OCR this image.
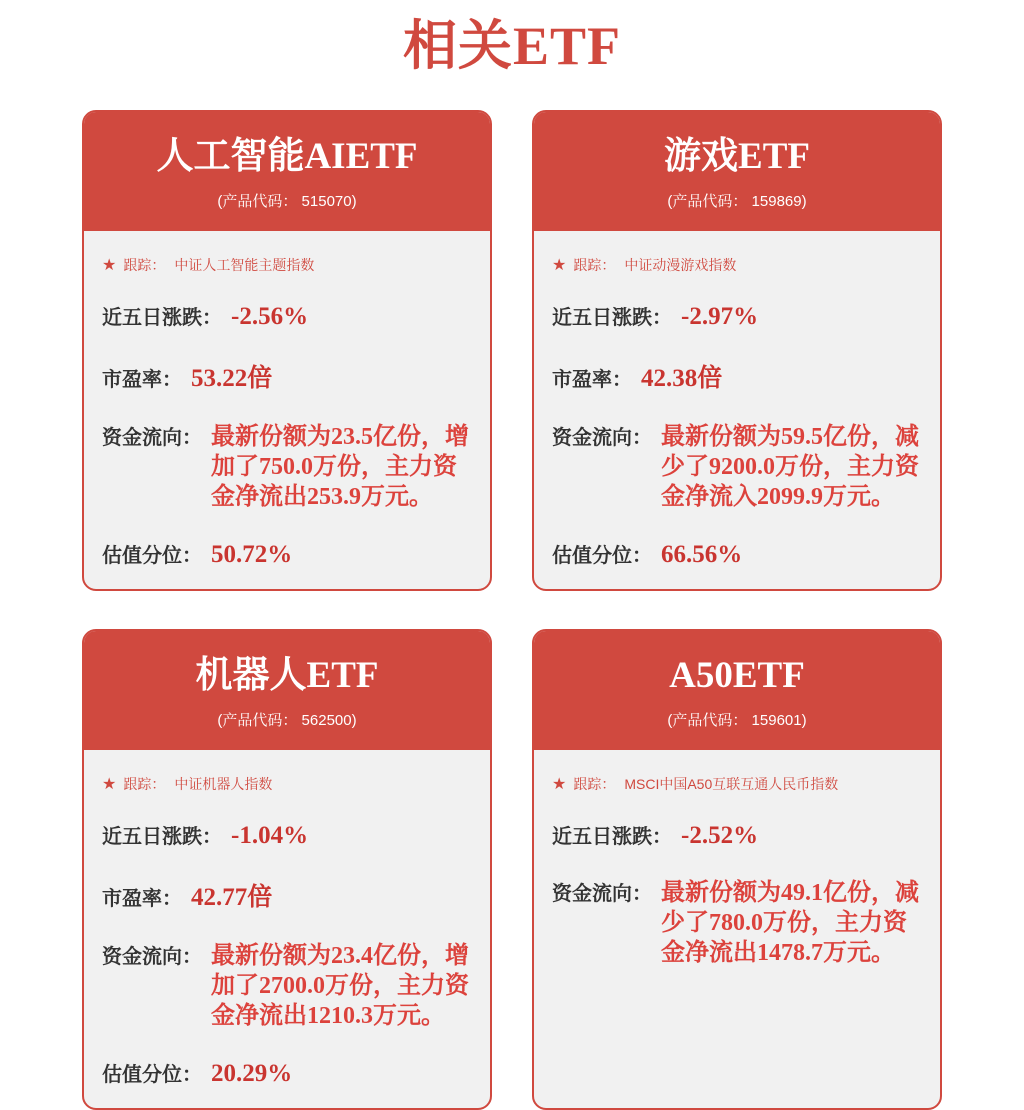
相关ETF
人工智能AIETF
(产品代码： 515070)
★ 跟踪： 中证人工智能主题指数
近五日涨跌： -2.56%
市盈率： 53.22倍
资金流向： 最新份额为23.5亿份，增加了750.0万份，主力资金净流出253.9万元。
估值分位： 50.72%
游戏ETF
(产品代码： 159869)
★ 跟踪： 中证动漫游戏指数
近五日涨跌： -2.97%
市盈率： 42.38倍
资金流向： 最新份额为59.5亿份，减少了9200.0万份，主力资金净流入2099.9万元。
估值分位： 66.56%
机器人ETF
(产品代码： 562500)
★ 跟踪： 中证机器人指数
近五日涨跌： -1.04%
市盈率： 42.77倍
资金流向： 最新份额为23.4亿份，增加了2700.0万份，主力资金净流出1210.3万元。
估值分位： 20.29%
A50ETF
(产品代码： 159601)
★ 跟踪： MSCI中国A50互联互通人民币指数
近五日涨跌： -2.52%
资金流向： 最新份额为49.1亿份，减少了780.0万份，主力资金净流出1478.7万元。
